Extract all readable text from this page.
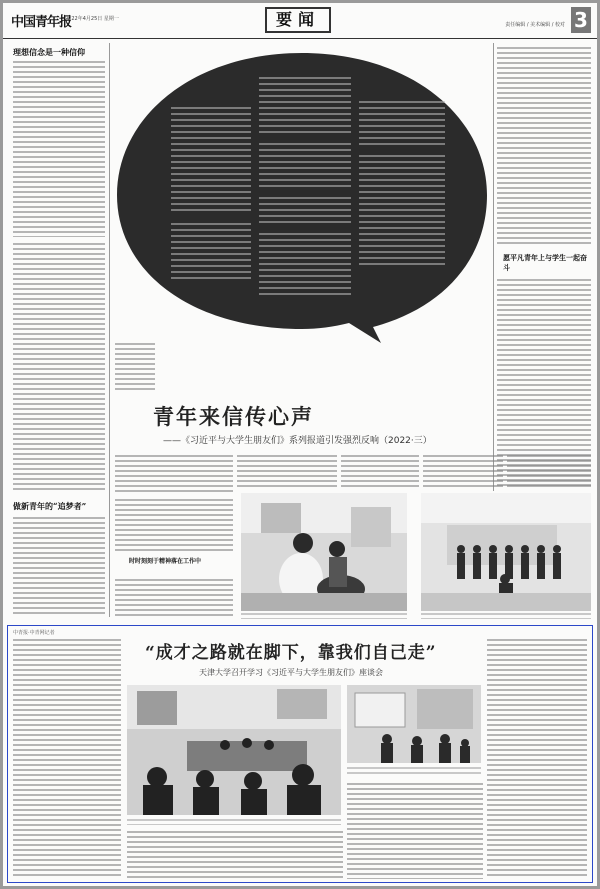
中国青年报
2022年4月25日 星期一	要闻	责任编辑 / 美术编辑 / 校对 3
理想信念是一种信仰
做新青年的“追梦者”
愿平凡青年上与学生一起奋斗
青年来信传心声
——《习近平与大学生朋友们》系列报道引发强烈反响（2022·三）
时时刻刻于精神落在工作中
中青报·中青网记者
“成才之路就在脚下，靠我们自己走”
天津大学召开学习《习近平与大学生朋友们》座谈会
